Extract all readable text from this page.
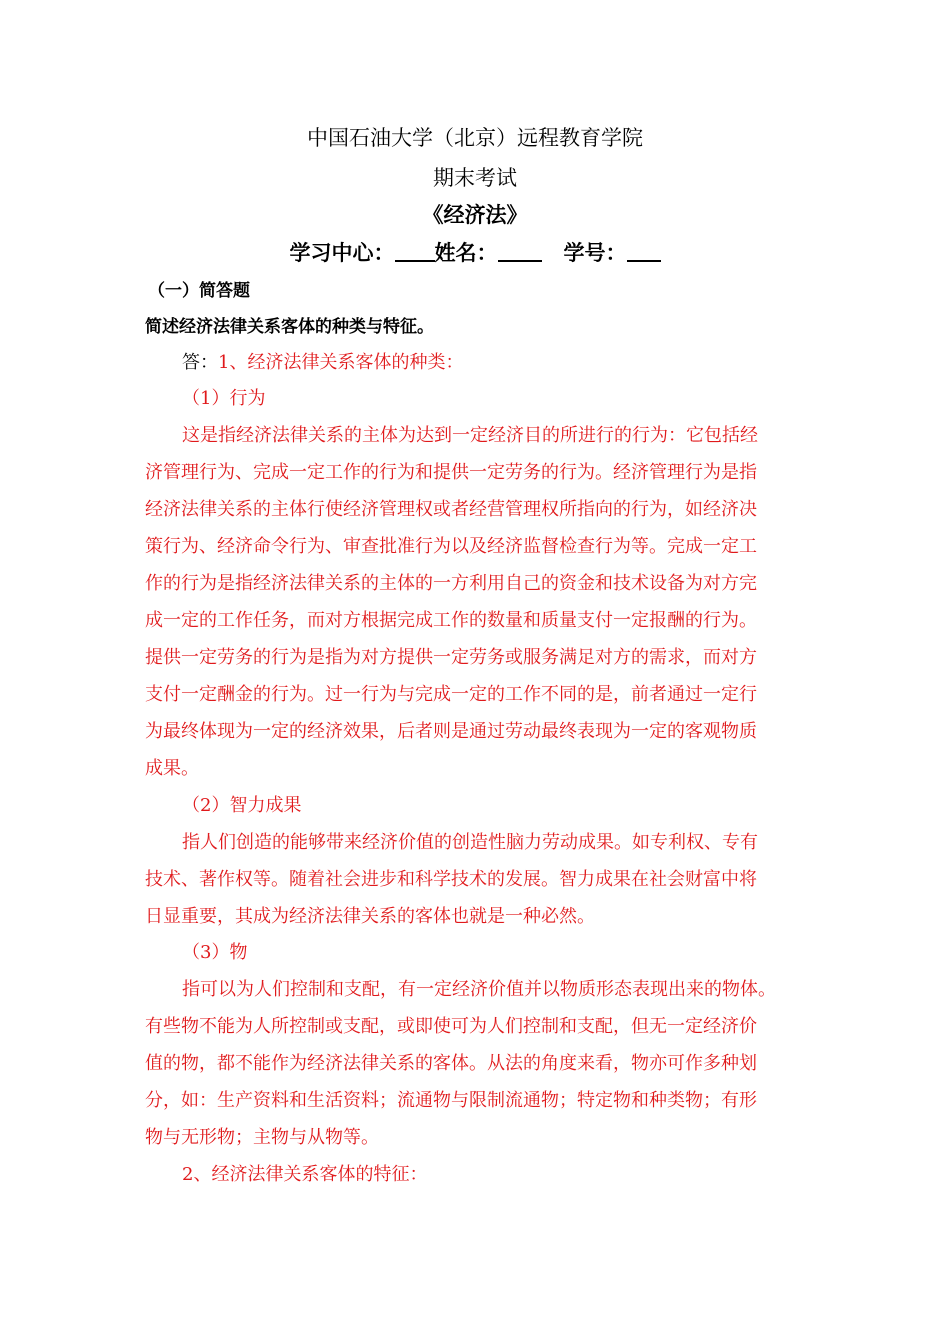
中国石油大学（北京）远程教育学院
期末考试
《经济法》
学习中心： 姓名：	学号：
（一）简答题
简述经济法律关系客体的种类与特征。
答：1、经济法律关系客体的种类：
（1）行为
这是指经济法律关系的主体为达到一定经济目的所进行的行为：它包括经
济管理行为、完成一定工作的行为和提供一定劳务的行为。经济管理行为是指
经济法律关系的主体行使经济管理权或者经营管理权所指向的行为，如经济决
策行为、经济命令行为、审查批准行为以及经济监督检查行为等。完成一定工
作的行为是指经济法律关系的主体的一方利用自己的资金和技术设备为对方完
成一定的工作任务，而对方根据完成工作的数量和质量支付一定报酬的行为。
提供一定劳务的行为是指为对方提供一定劳务或服务满足对方的需求，而对方
支付一定酬金的行为。过一行为与完成一定的工作不同的是，前者通过一定行
为最终体现为一定的经济效果，后者则是通过劳动最终表现为一定的客观物质
成果。
（2）智力成果
指人们创造的能够带来经济价值的创造性脑力劳动成果。如专利权、专有
技术、著作权等。随着社会进步和科学技术的发展。智力成果在社会财富中将
日显重要，其成为经济法律关系的客体也就是一种必然。
（3）物
指可以为人们控制和支配，有一定经济价值并以物质形态表现出来的物体。
有些物不能为人所控制或支配，或即使可为人们控制和支配，但无一定经济价
值的物，都不能作为经济法律关系的客体。从法的角度来看，物亦可作多种划
分，如：生产资料和生活资料；流通物与限制流通物；特定物和种类物；有形
物与无形物；主物与从物等。
2、经济法律关系客体的特征：
